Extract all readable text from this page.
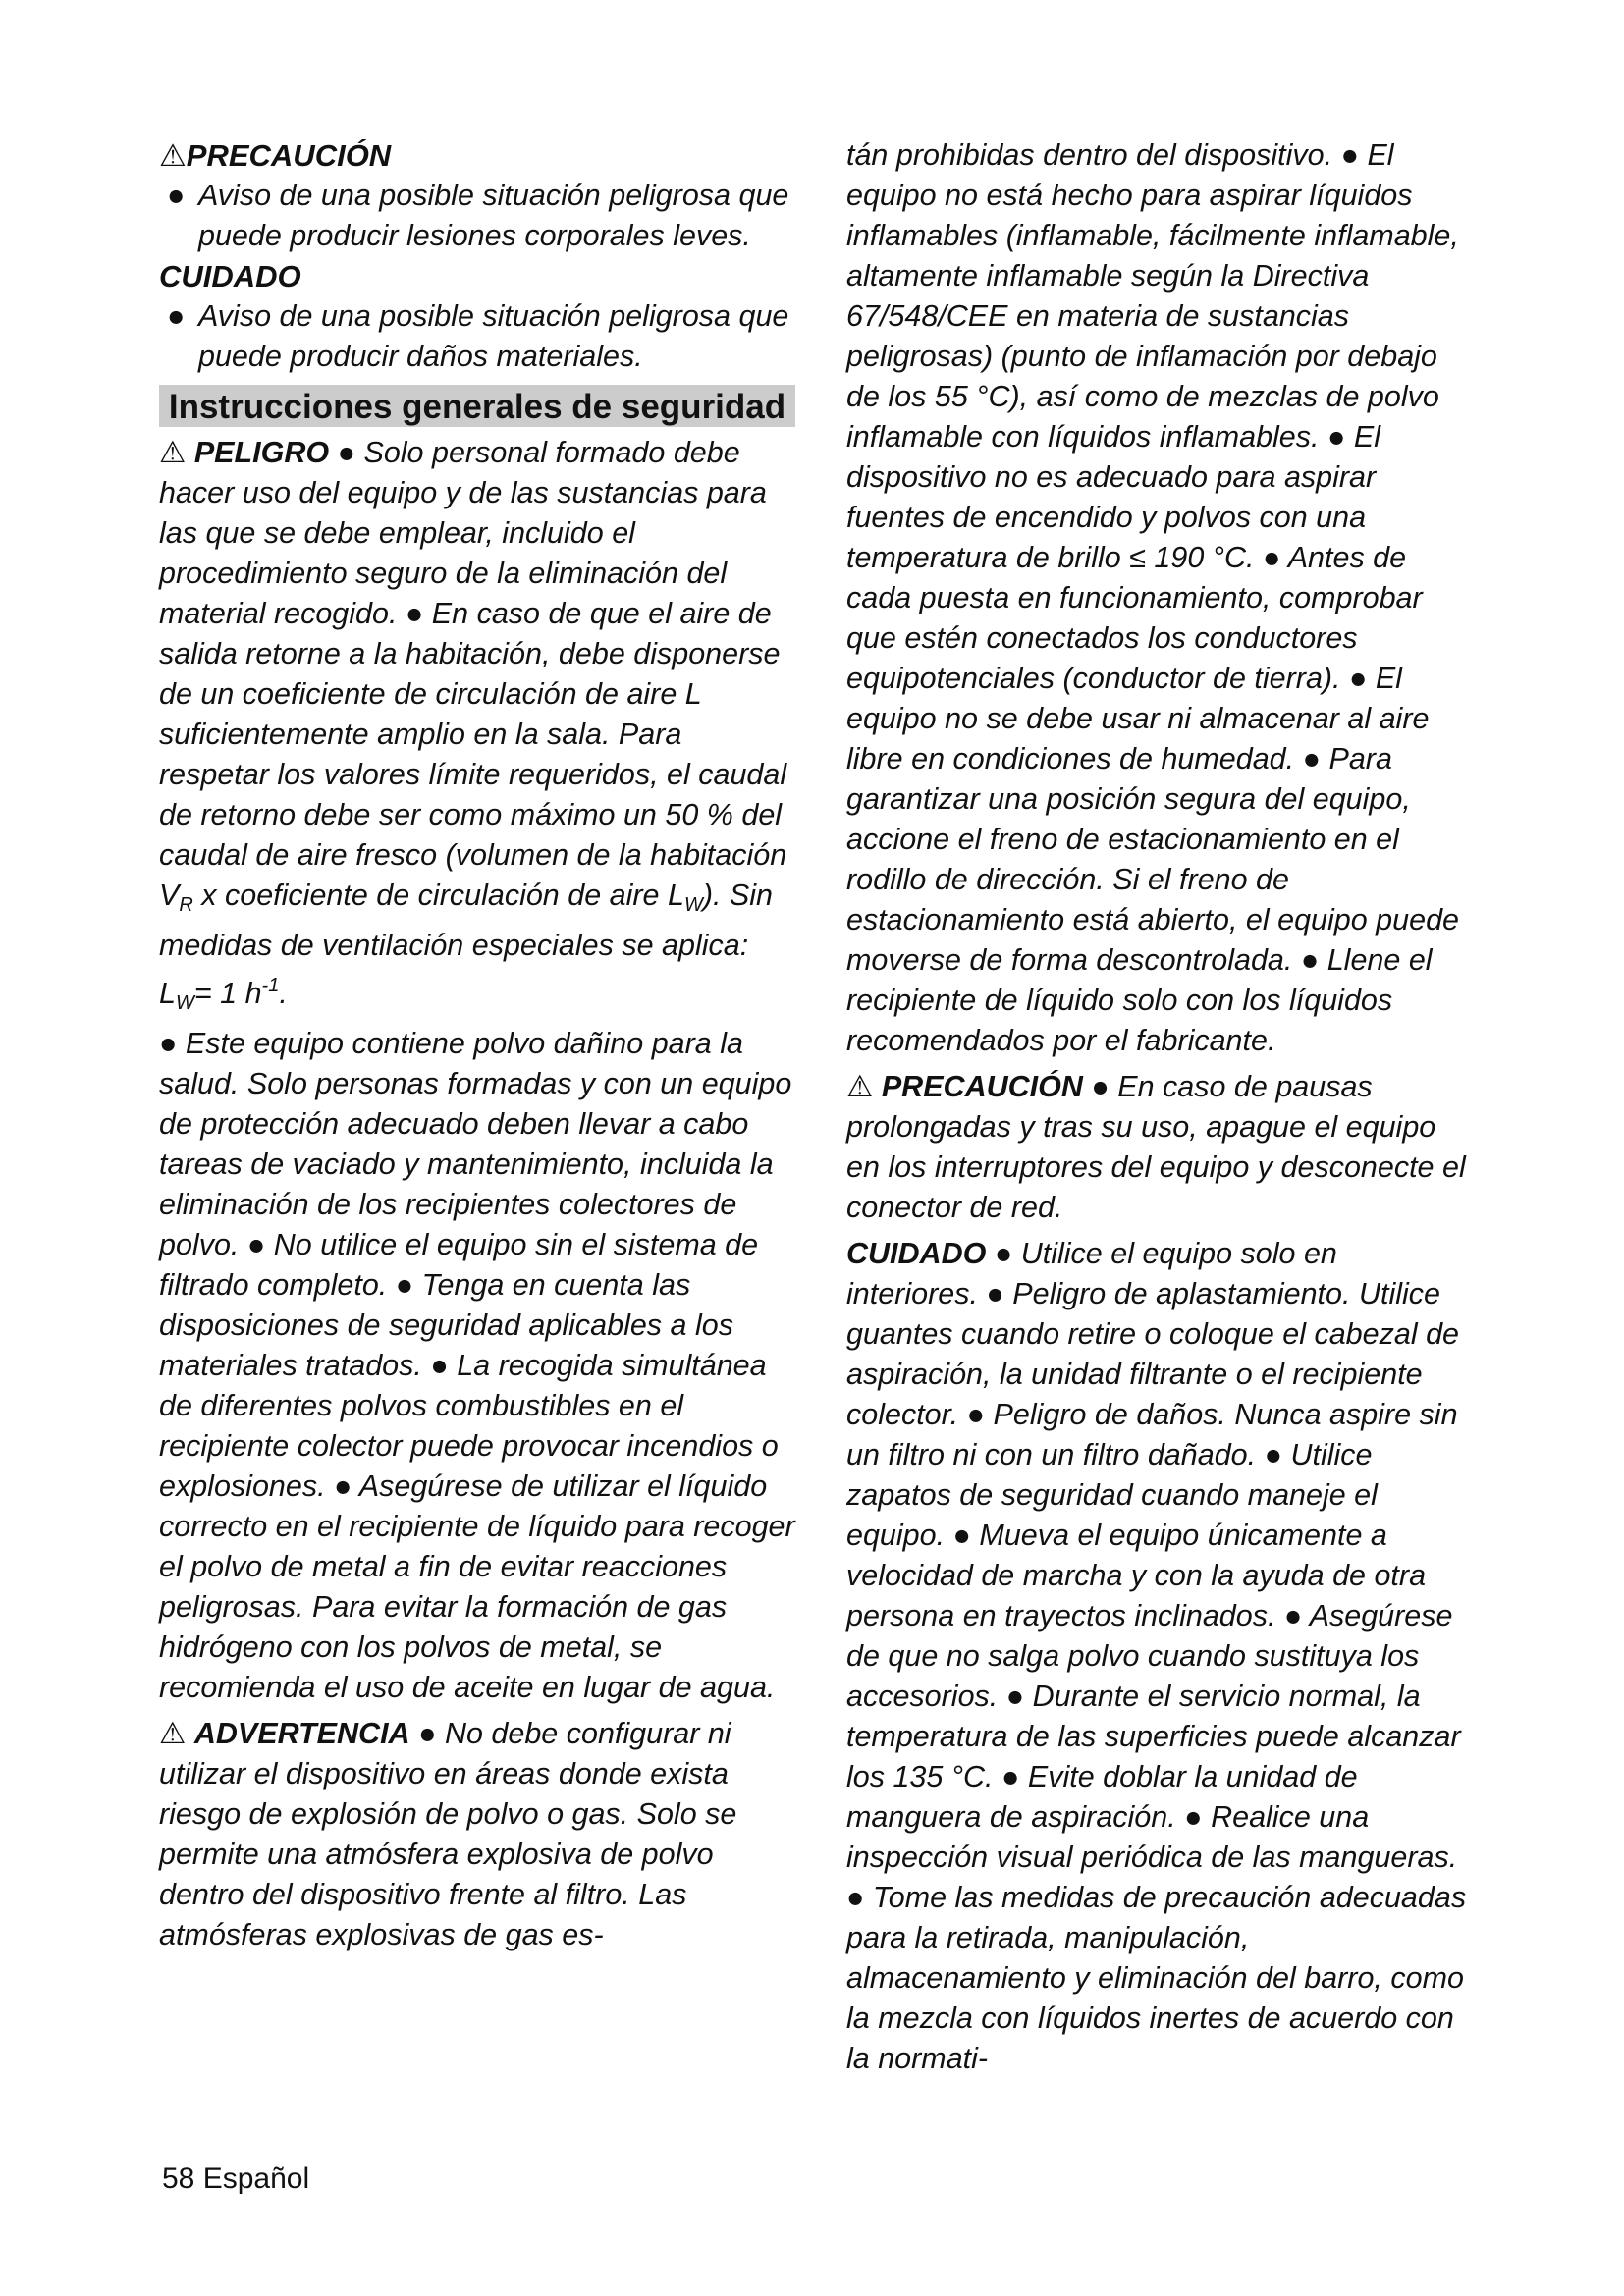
⚠PRECAUCIÓN
● Aviso de una posible situación peligrosa que puede producir lesiones corporales leves.

CUIDADO
● Aviso de una posible situación peligrosa que puede producir daños materiales.

Instrucciones generales de seguridad

⚠ PELIGRO ● Solo personal formado debe hacer uso del equipo y de las sustancias para las que se debe emplear, incluido el procedimiento seguro de la eliminación del material recogido. ● En caso de que el aire de salida retorne a la habitación, debe disponerse de un coeficiente de circulación de aire L suficientemente amplio en la sala. Para respetar los valores límite requeridos, el caudal de retorno debe ser como máximo un 50 % del caudal de aire fresco (volumen de la habitación $V_R$ x coeficiente de circulación de aire $L_W$). Sin medidas de ventilación especiales se aplica: $L_W= 1$ $h^{-1}$.

● Este equipo contiene polvo dañino para la salud. Solo personas formadas y con un equipo de protección adecuado deben llevar a cabo tareas de vaciado y mantenimiento, incluida la eliminación de los recipientes colectores de polvo. ● No utilice el equipo sin el sistema de filtrado completo. ● Tenga en cuenta las disposiciones de seguridad aplicables a los materiales tratados. ● La recogida simultánea de diferentes polvos combustibles en el recipiente colector puede provocar incendios o explosiones. ● Asegúrese de utilizar el líquido correcto en el recipiente de líquido para recoger el polvo de metal a fin de evitar reacciones peligrosas. Para evitar la formación de gas hidrógeno con los polvos de metal, se recomienda el uso de aceite en lugar de agua.

⚠ ADVERTENCIA ● No debe configurar ni utilizar el dispositivo en áreas donde exista riesgo de explosión de polvo o gas. Solo se permite una atmósfera explosiva de polvo dentro del dispositivo frente al filtro. Las atmósferas explosivas de gas es-

tán prohibidas dentro del dispositivo. ● El equipo no está hecho para aspirar líquidos inflamables (inflamable, fácilmente inflamable, altamente inflamable según la Directiva 67/548/CEE en materia de sustancias peligrosas) (punto de inflamación por debajo de los 55 °C), así como de mezclas de polvo inflamable con líquidos inflamables. ● El dispositivo no es adecuado para aspirar fuentes de encendido y polvos con una temperatura de brillo ≤ 190 °C. ● Antes de cada puesta en funcionamiento, comprobar que estén conectados los conductores equipotenciales (conductor de tierra). ● El equipo no se debe usar ni almacenar al aire libre en condiciones de humedad. ● Para garantizar una posición segura del equipo, accione el freno de estacionamiento en el rodillo de dirección. Si el freno de estacionamiento está abierto, el equipo puede moverse de forma descontrolada. ● Llene el recipiente de líquido solo con los líquidos recomendados por el fabricante.

⚠ PRECAUCIÓN ● En caso de pausas prolongadas y tras su uso, apague el equipo en los interruptores del equipo y desconecte el conector de red.

CUIDADO ● Utilice el equipo solo en interiores. ● Peligro de aplastamiento. Utilice guantes cuando retire o coloque el cabezal de aspiración, la unidad filtrante o el recipiente colector. ● Peligro de daños. Nunca aspire sin un filtro ni con un filtro dañado. ● Utilice zapatos de seguridad cuando maneje el equipo. ● Mueva el equipo únicamente a velocidad de marcha y con la ayuda de otra persona en trayectos inclinados. ● Asegúrese de que no salga polvo cuando sustituya los accesorios. ● Durante el servicio normal, la temperatura de las superficies puede alcanzar los 135 °C. ● Evite doblar la unidad de manguera de aspiración. ● Realice una inspección visual periódica de las mangueras. ● Tome las medidas de precaución adecuadas para la retirada, manipulación, almacenamiento y eliminación del barro, como la mezcla con líquidos inertes de acuerdo con la normati-

58 Español
